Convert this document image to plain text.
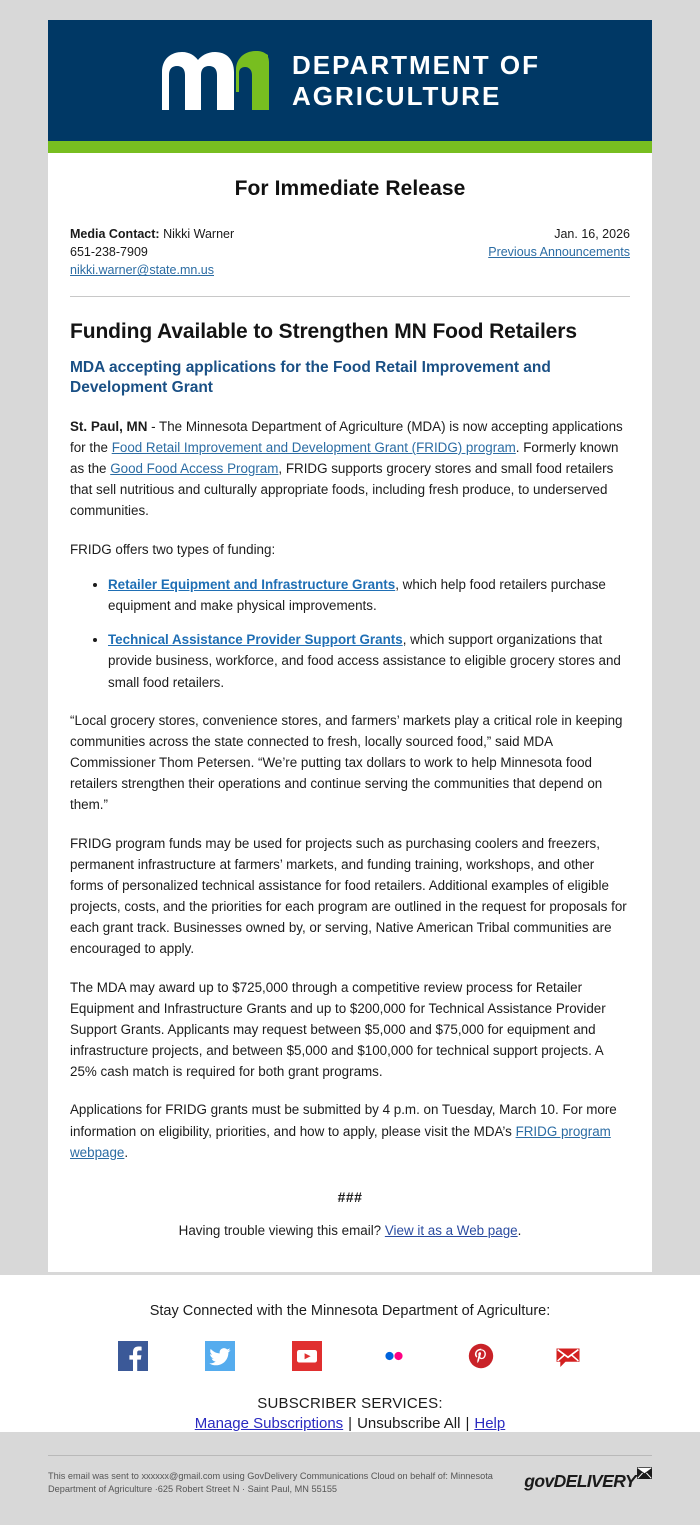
DEPARTMENT OF
AGRICULTURE
For Immediate Release
Media Contact: Nikki Warner
651-238-7909
nikki.warner@state.mn.us
Jan. 16, 2026
Previous Announcements
Funding Available to Strengthen MN Food Retailers
MDA accepting applications for the Food Retail Improvement and Development Grant

St. Paul, MN - The Minnesota Department of Agriculture (MDA) is now accepting applications for the Food Retail Improvement and Development Grant (FRIDG) program. Formerly known as the Good Food Access Program, FRIDG supports grocery stores and small food retailers that sell nutritious and culturally appropriate foods, including fresh produce, to underserved communities.

FRIDG offers two types of funding:

• Retailer Equipment and Infrastructure Grants, which help food retailers purchase equipment and make physical improvements.
• Technical Assistance Provider Support Grants, which support organizations that provide business, workforce, and food access assistance to eligible grocery stores and small food retailers.

“Local grocery stores, convenience stores, and farmers’ markets play a critical role in keeping communities across the state connected to fresh, locally sourced food,” said MDA Commissioner Thom Petersen. “We’re putting tax dollars to work to help Minnesota food retailers strengthen their operations and continue serving the communities that depend on them.”

FRIDG program funds may be used for projects such as purchasing coolers and freezers, permanent infrastructure at farmers’ markets, and funding training, workshops, and other forms of personalized technical assistance for food retailers. Additional examples of eligible projects, costs, and the priorities for each program are outlined in the request for proposals for each grant track. Businesses owned by, or serving, Native American Tribal communities are encouraged to apply.

The MDA may award up to $725,000 through a competitive review process for Retailer Equipment and Infrastructure Grants and up to $200,000 for Technical Assistance Provider Support Grants. Applicants may request between $5,000 and $75,000 for equipment and infrastructure projects, and between $5,000 and $100,000 for technical support projects. A 25% cash match is required for both grant programs.

Applications for FRIDG grants must be submitted by 4 p.m. on Tuesday, March 10. For more information on eligibility, priorities, and how to apply, please visit the MDA’s FRIDG program webpage.

###
Having trouble viewing this email? View it as a Web page.
Stay Connected with the Minnesota Department of Agriculture:
SUBSCRIBER SERVICES:
Manage Subscriptions | Unsubscribe All | Help
This email was sent to xxxxxx@gmail.com using GovDelivery Communications Cloud on behalf of: Minnesota
Department of Agriculture ·625 Robert Street N · Saint Paul, MN 55155	govDELIVERY
